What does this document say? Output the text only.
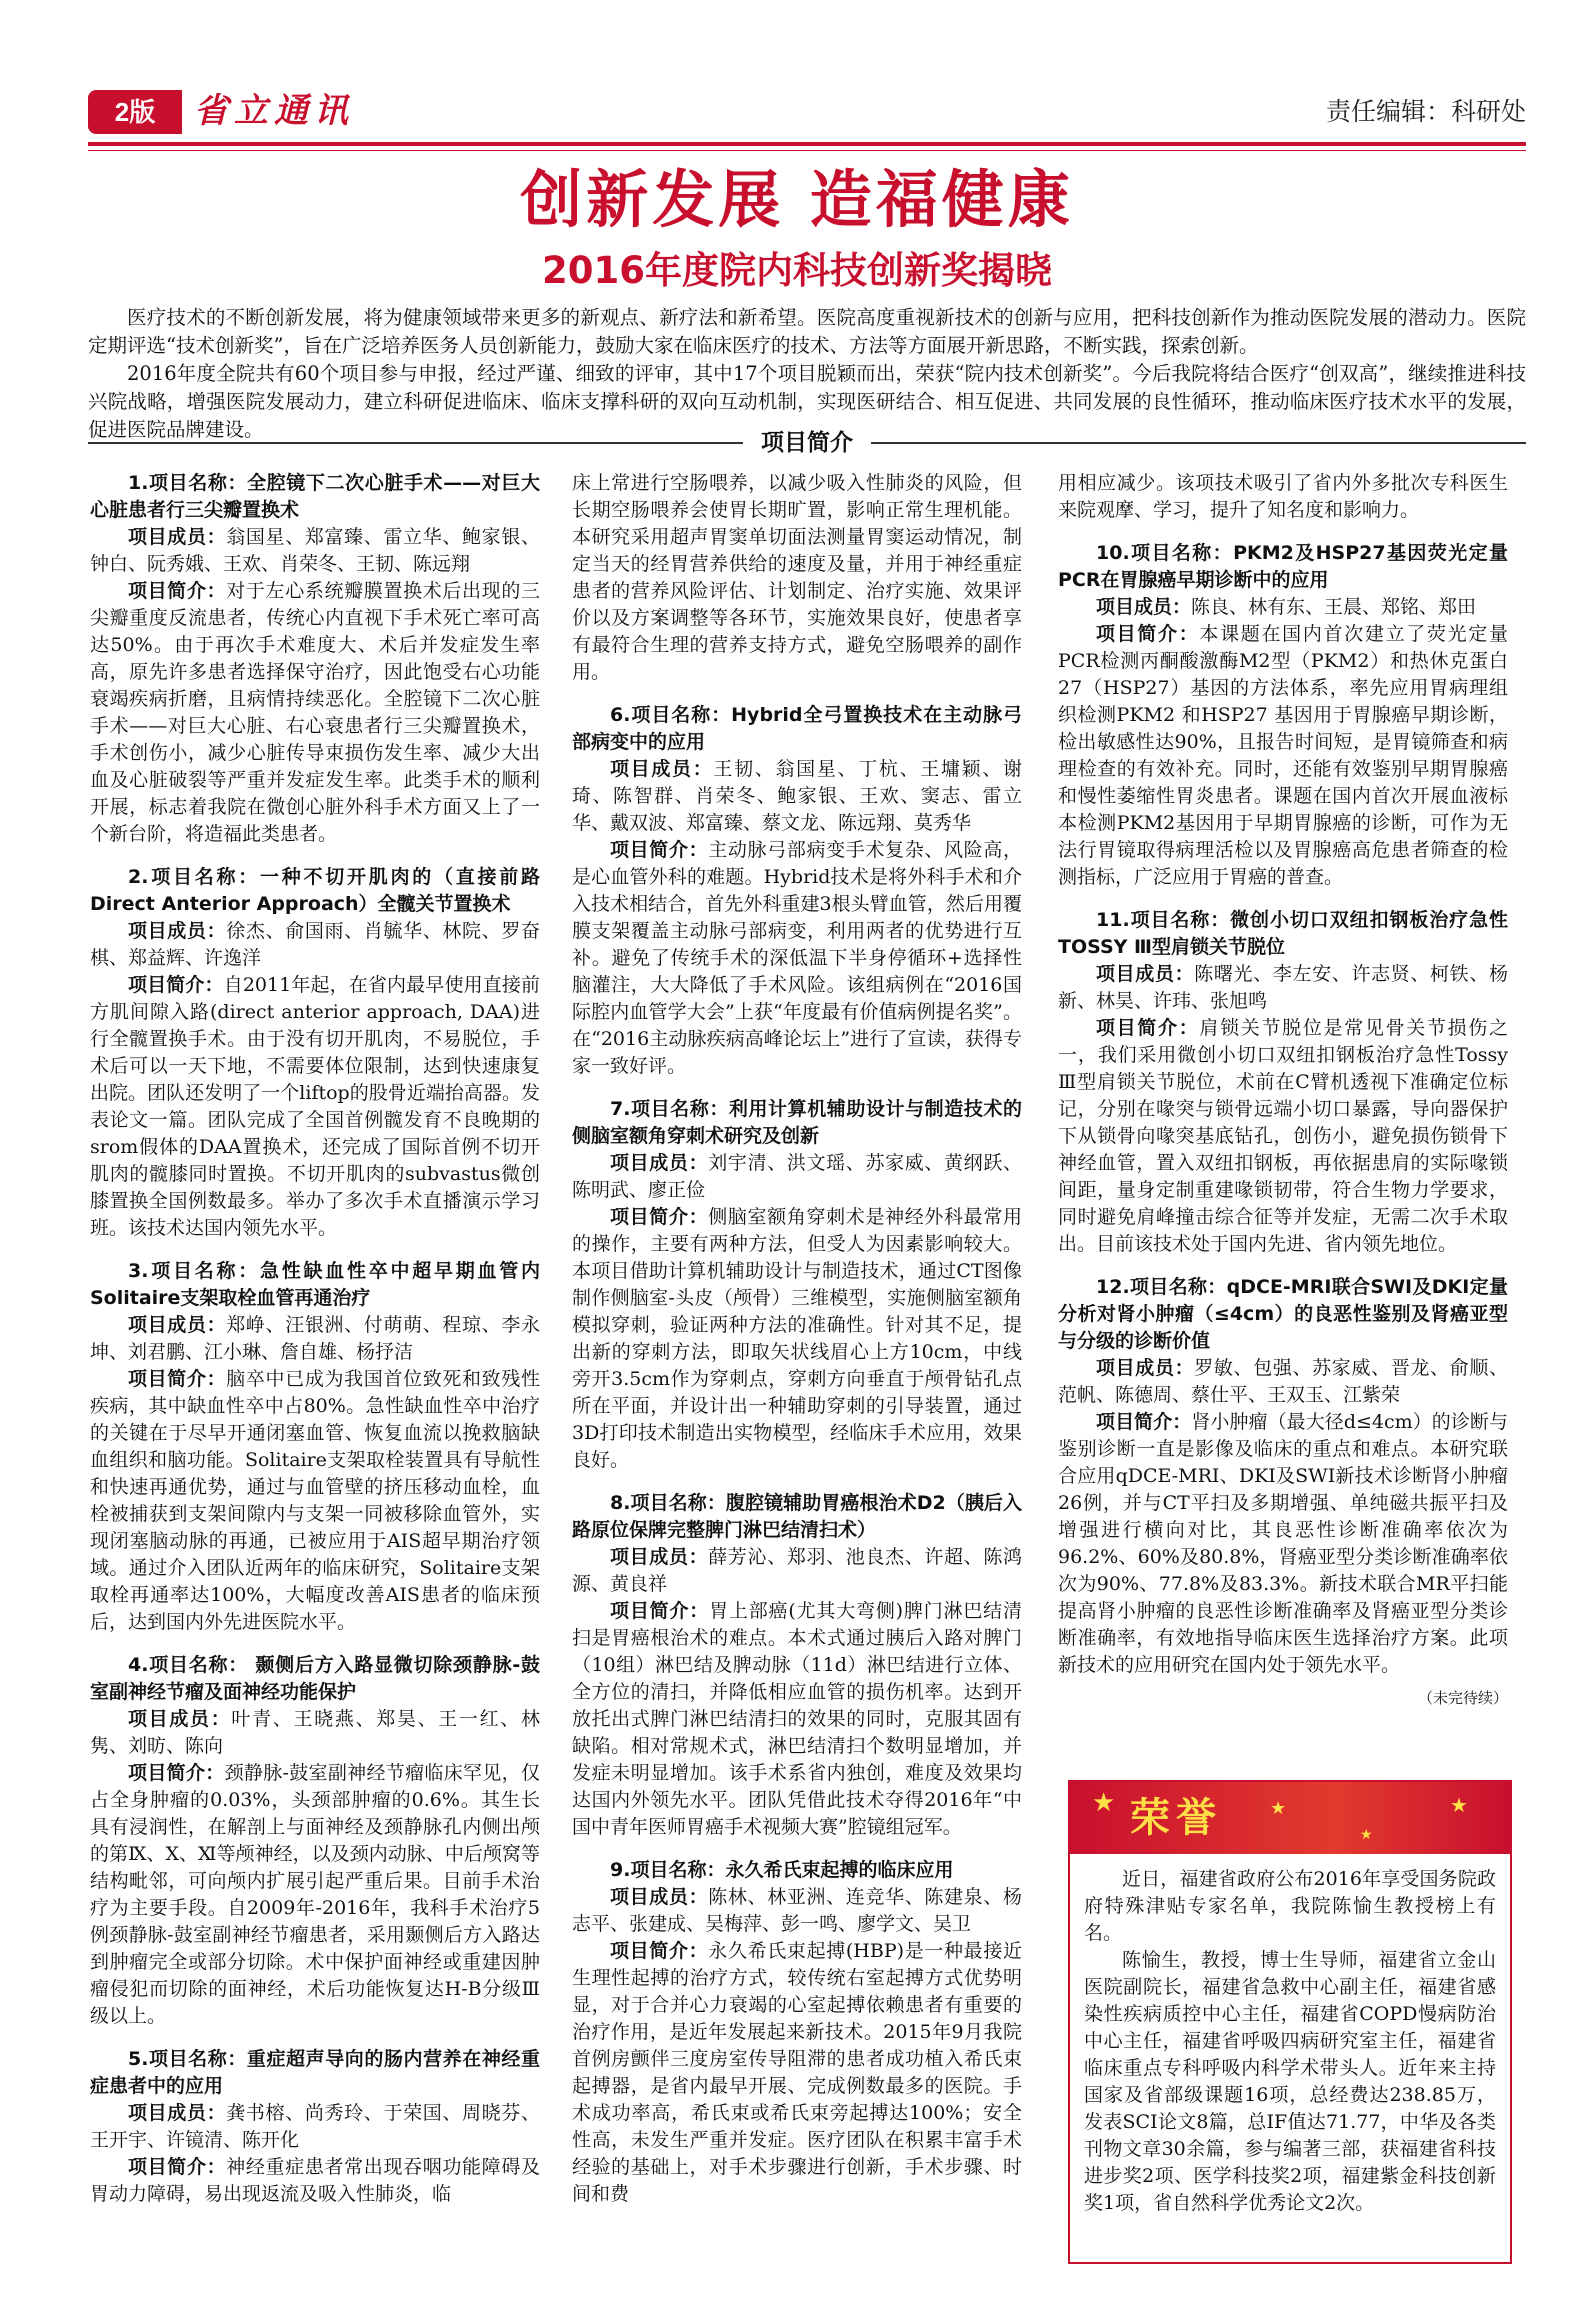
2版	省立通讯	责任编辑：科研处
创新发展 造福健康
2016年度院内科技创新奖揭晓

医疗技术的不断创新发展，将为健康领域带来更多的新观点、新疗法和新希望。医院高度重视新技术的创新与应用，把科技创新作为推动医院发展的潜动力。医院定期评选“技术创新奖”，旨在广泛培养医务人员创新能力，鼓励大家在临床医疗的技术、方法等方面展开新思路，不断实践，探索创新。

2016年度全院共有60个项目参与申报，经过严谨、细致的评审，其中17个项目脱颖而出，荣获“院内技术创新奖”。今后我院将结合医疗“创双高”，继续推进科技兴院战略，增强医院发展动力，建立科研促进临床、临床支撑科研的双向互动机制，实现医研结合、相互促进、共同发展的良性循环，推动临床医疗技术水平的发展，促进医院品牌建设。

项目简介

1.项目名称：全腔镜下二次心脏手术——对巨大心脏患者行三尖瓣置换术

项目成员：翁国星、郑富臻、雷立华、鲍家银、钟白、阮秀娥、王欢、肖荣冬、王韧、陈远翔

项目简介：对于左心系统瓣膜置换术后出现的三尖瓣重度反流患者，传统心内直视下手术死亡率可高达50%。由于再次手术难度大、术后并发症发生率高，原先许多患者选择保守治疗，因此饱受右心功能衰竭疾病折磨，且病情持续恶化。全腔镜下二次心脏手术——对巨大心脏、右心衰患者行三尖瓣置换术，手术创伤小，减少心脏传导束损伤发生率、减少大出血及心脏破裂等严重并发症发生率。此类手术的顺利开展，标志着我院在微创心脏外科手术方面又上了一个新台阶，将造福此类患者。

2.项目名称：一种不切开肌肉的（直接前路Direct Anterior Approach）全髋关节置换术

项目成员：徐杰、俞国雨、肖毓华、林院、罗奋棋、郑益辉、许逸洋

项目简介：自2011年起，在省内最早使用直接前方肌间隙入路(direct anterior approach, DAA)进行全髋置换手术。由于没有切开肌肉，不易脱位，手术后可以一天下地，不需要体位限制，达到快速康复出院。团队还发明了一个liftop的股骨近端抬高器。发表论文一篇。团队完成了全国首例髋发育不良晚期的srom假体的DAA置换术，还完成了国际首例不切开肌肉的髋膝同时置换。不切开肌肉的subvastus微创膝置换全国例数最多。举办了多次手术直播演示学习班。该技术达国内领先水平。

3.项目名称：急性缺血性卒中超早期血管内Solitaire支架取栓血管再通治疗

项目成员：郑峥、汪银洲、付萌萌、程琼、李永坤、刘君鹏、江小琳、詹自雄、杨抒洁

项目简介：脑卒中已成为我国首位致死和致残性疾病，其中缺血性卒中占80%。急性缺血性卒中治疗的关键在于尽早开通闭塞血管、恢复血流以挽救脑缺血组织和脑功能。Solitaire支架取栓装置具有导航性和快速再通优势，通过与血管壁的挤压移动血栓，血栓被捕获到支架间隙内与支架一同被移除血管外，实现闭塞脑动脉的再通，已被应用于AIS超早期治疗领域。通过介入团队近两年的临床研究，Solitaire支架取栓再通率达100%，大幅度改善AIS患者的临床预后，达到国内外先进医院水平。

4.项目名称： 颞侧后方入路显微切除颈静脉-鼓室副神经节瘤及面神经功能保护

项目成员：叶青、王晓燕、郑昊、王一红、林隽、刘昉、陈向

项目简介：颈静脉-鼓室副神经节瘤临床罕见，仅占全身肿瘤的0.03%，头颈部肿瘤的0.6%。其生长具有浸润性，在解剖上与面神经及颈静脉孔内侧出颅的第Ⅸ、Ⅹ、Ⅺ等颅神经，以及颈内动脉、中后颅窝等结构毗邻，可向颅内扩展引起严重后果。目前手术治疗为主要手段。自2009年-2016年，我科手术治疗5例颈静脉-鼓室副神经节瘤患者，采用颞侧后方入路达到肿瘤完全或部分切除。术中保护面神经或重建因肿瘤侵犯而切除的面神经，术后功能恢复达H-B分级Ⅲ级以上。

5.项目名称：重症超声导向的肠内营养在神经重症患者中的应用

项目成员：龚书榕、尚秀玲、于荣国、周晓芬、王开宇、许镜清、陈开化

项目简介：神经重症患者常出现吞咽功能障碍及胃动力障碍，易出现返流及吸入性肺炎，临

床上常进行空肠喂养，以减少吸入性肺炎的风险，但长期空肠喂养会使胃长期旷置，影响正常生理机能。本研究采用超声胃窦单切面法测量胃窦运动情况，制定当天的经胃营养供给的速度及量，并用于神经重症患者的营养风险评估、计划制定、治疗实施、效果评价以及方案调整等各环节，实施效果良好，使患者享有最符合生理的营养支持方式，避免空肠喂养的副作用。

6.项目名称：Hybrid全弓置换技术在主动脉弓部病变中的应用

项目成员：王韧、翁国星、丁杭、王墉颖、谢琦、陈智群、肖荣冬、鲍家银、王欢、窦志、雷立华、戴双波、郑富臻、蔡文龙、陈远翔、莫秀华

项目简介：主动脉弓部病变手术复杂、风险高，是心血管外科的难题。Hybrid技术是将外科手术和介入技术相结合，首先外科重建3根头臂血管，然后用覆膜支架覆盖主动脉弓部病变，利用两者的优势进行互补。避免了传统手术的深低温下半身停循环+选择性脑灌注，大大降低了手术风险。该组病例在“2016国际腔内血管学大会”上获“年度最有价值病例提名奖”。在“2016主动脉疾病高峰论坛上”进行了宣读，获得专家一致好评。

7.项目名称：利用计算机辅助设计与制造技术的侧脑室额角穿刺术研究及创新

项目成员：刘宇清、洪文瑶、苏家威、黄纲跃、陈明武、廖正俭

项目简介：侧脑室额角穿刺术是神经外科最常用的操作，主要有两种方法，但受人为因素影响较大。本项目借助计算机辅助设计与制造技术，通过CT图像制作侧脑室-头皮（颅骨）三维模型，实施侧脑室额角模拟穿刺，验证两种方法的准确性。针对其不足，提出新的穿刺方法，即取矢状线眉心上方10cm，中线旁开3.5cm作为穿刺点，穿刺方向垂直于颅骨钻孔点所在平面，并设计出一种辅助穿刺的引导装置，通过3D打印技术制造出实物模型，经临床手术应用，效果良好。

8.项目名称：腹腔镜辅助胃癌根治术D2（胰后入路原位保牌完整脾门淋巴结清扫术）

项目成员：薛芳沁、郑羽、池良杰、许超、陈鸿源、黄良祥

项目简介：胃上部癌(尤其大弯侧)脾门淋巴结清扫是胃癌根治术的难点。本术式通过胰后入路对脾门（10组）淋巴结及脾动脉（11d）淋巴结进行立体、全方位的清扫，并降低相应血管的损伤机率。达到开放托出式脾门淋巴结清扫的效果的同时，克服其固有缺陷。相对常规术式，淋巴结清扫个数明显增加，并发症未明显增加。该手术系省内独创，难度及效果均达国内外领先水平。团队凭借此技术夺得2016年“中国中青年医师胃癌手术视频大赛”腔镜组冠军。

9.项目名称：永久希氏束起搏的临床应用

项目成员：陈林、林亚洲、连竞华、陈建泉、杨志平、张建成、吴梅萍、彭一鸣、廖学文、吴卫

项目简介：永久希氏束起搏(HBP)是一种最接近生理性起搏的治疗方式，较传统右室起搏方式优势明显，对于合并心力衰竭的心室起搏依赖患者有重要的治疗作用，是近年发展起来新技术。2015年9月我院首例房颤伴三度房室传导阻滞的患者成功植入希氏束起搏器，是省内最早开展、完成例数最多的医院。手术成功率高，希氏束或希氏束旁起搏达100%；安全性高，未发生严重并发症。医疗团队在积累丰富手术经验的基础上，对手术步骤进行创新，手术步骤、时间和费

用相应减少。该项技术吸引了省内外多批次专科医生来院观摩、学习，提升了知名度和影响力。

10.项目名称：PKM2及HSP27基因荧光定量PCR在胃腺癌早期诊断中的应用

项目成员：陈良、林有东、王晨、郑铭、郑田

项目简介：本课题在国内首次建立了荧光定量PCR检测丙酮酸激酶M2型（PKM2）和热休克蛋白27（HSP27）基因的方法体系，率先应用胃病理组织检测PKM2 和HSP27 基因用于胃腺癌早期诊断，检出敏感性达90%，且报告时间短，是胃镜筛查和病理检查的有效补充。同时，还能有效鉴别早期胃腺癌和慢性萎缩性胃炎患者。课题在国内首次开展血液标本检测PKM2基因用于早期胃腺癌的诊断，可作为无法行胃镜取得病理活检以及胃腺癌高危患者筛查的检测指标，广泛应用于胃癌的普查。

11.项目名称：微创小切口双纽扣钢板治疗急性TOSSY Ⅲ型肩锁关节脱位

项目成员：陈曙光、李左安、许志贤、柯铁、杨新、林昊、许玮、张旭鸣

项目简介：肩锁关节脱位是常见骨关节损伤之一，我们采用微创小切口双纽扣钢板治疗急性Tossy Ⅲ型肩锁关节脱位，术前在C臂机透视下准确定位标记，分别在喙突与锁骨远端小切口暴露，导向器保护下从锁骨向喙突基底钻孔，创伤小，避免损伤锁骨下神经血管，置入双纽扣钢板，再依据患肩的实际喙锁间距，量身定制重建喙锁韧带，符合生物力学要求，同时避免肩峰撞击综合征等并发症，无需二次手术取出。目前该技术处于国内先进、省内领先地位。

12.项目名称：qDCE-MRI联合SWI及DKI定量分析对肾小肿瘤（≤4cm）的良恶性鉴别及肾癌亚型与分级的诊断价值

项目成员：罗敏、包强、苏家威、晋龙、俞顺、范帆、陈德周、蔡仕平、王双玉、江紫荣

项目简介：肾小肿瘤（最大径d≤4cm）的诊断与鉴别诊断一直是影像及临床的重点和难点。本研究联合应用qDCE-MRI、DKI及SWI新技术诊断肾小肿瘤26例，并与CT平扫及多期增强、单纯磁共振平扫及增强进行横向对比，其良恶性诊断准确率依次为96.2%、60%及80.8%，肾癌亚型分类诊断准确率依次为90%、77.8%及83.3%。新技术联合MR平扫能提高肾小肿瘤的良恶性诊断准确率及肾癌亚型分类诊断准确率，有效地指导临床医生选择治疗方案。此项新技术的应用研究在国内处于领先水平。

（未完待续）
荣誉
★	★
★
★

近日，福建省政府公布2016年享受国务院政府特殊津贴专家名单，我院陈愉生教授榜上有名。

陈愉生，教授，博士生导师，福建省立金山医院副院长，福建省急救中心副主任，福建省感染性疾病质控中心主任，福建省COPD慢病防治中心主任，福建省呼吸四病研究室主任，福建省临床重点专科呼吸内科学术带头人。近年来主持国家及省部级课题16项，总经费达238.85万，发表SCI论文8篇，总IF值达71.77，中华及各类刊物文章30余篇，参与编著三部，获福建省科技进步奖2项、医学科技奖2项，福建紫金科技创新奖1项，省自然科学优秀论文2次。
